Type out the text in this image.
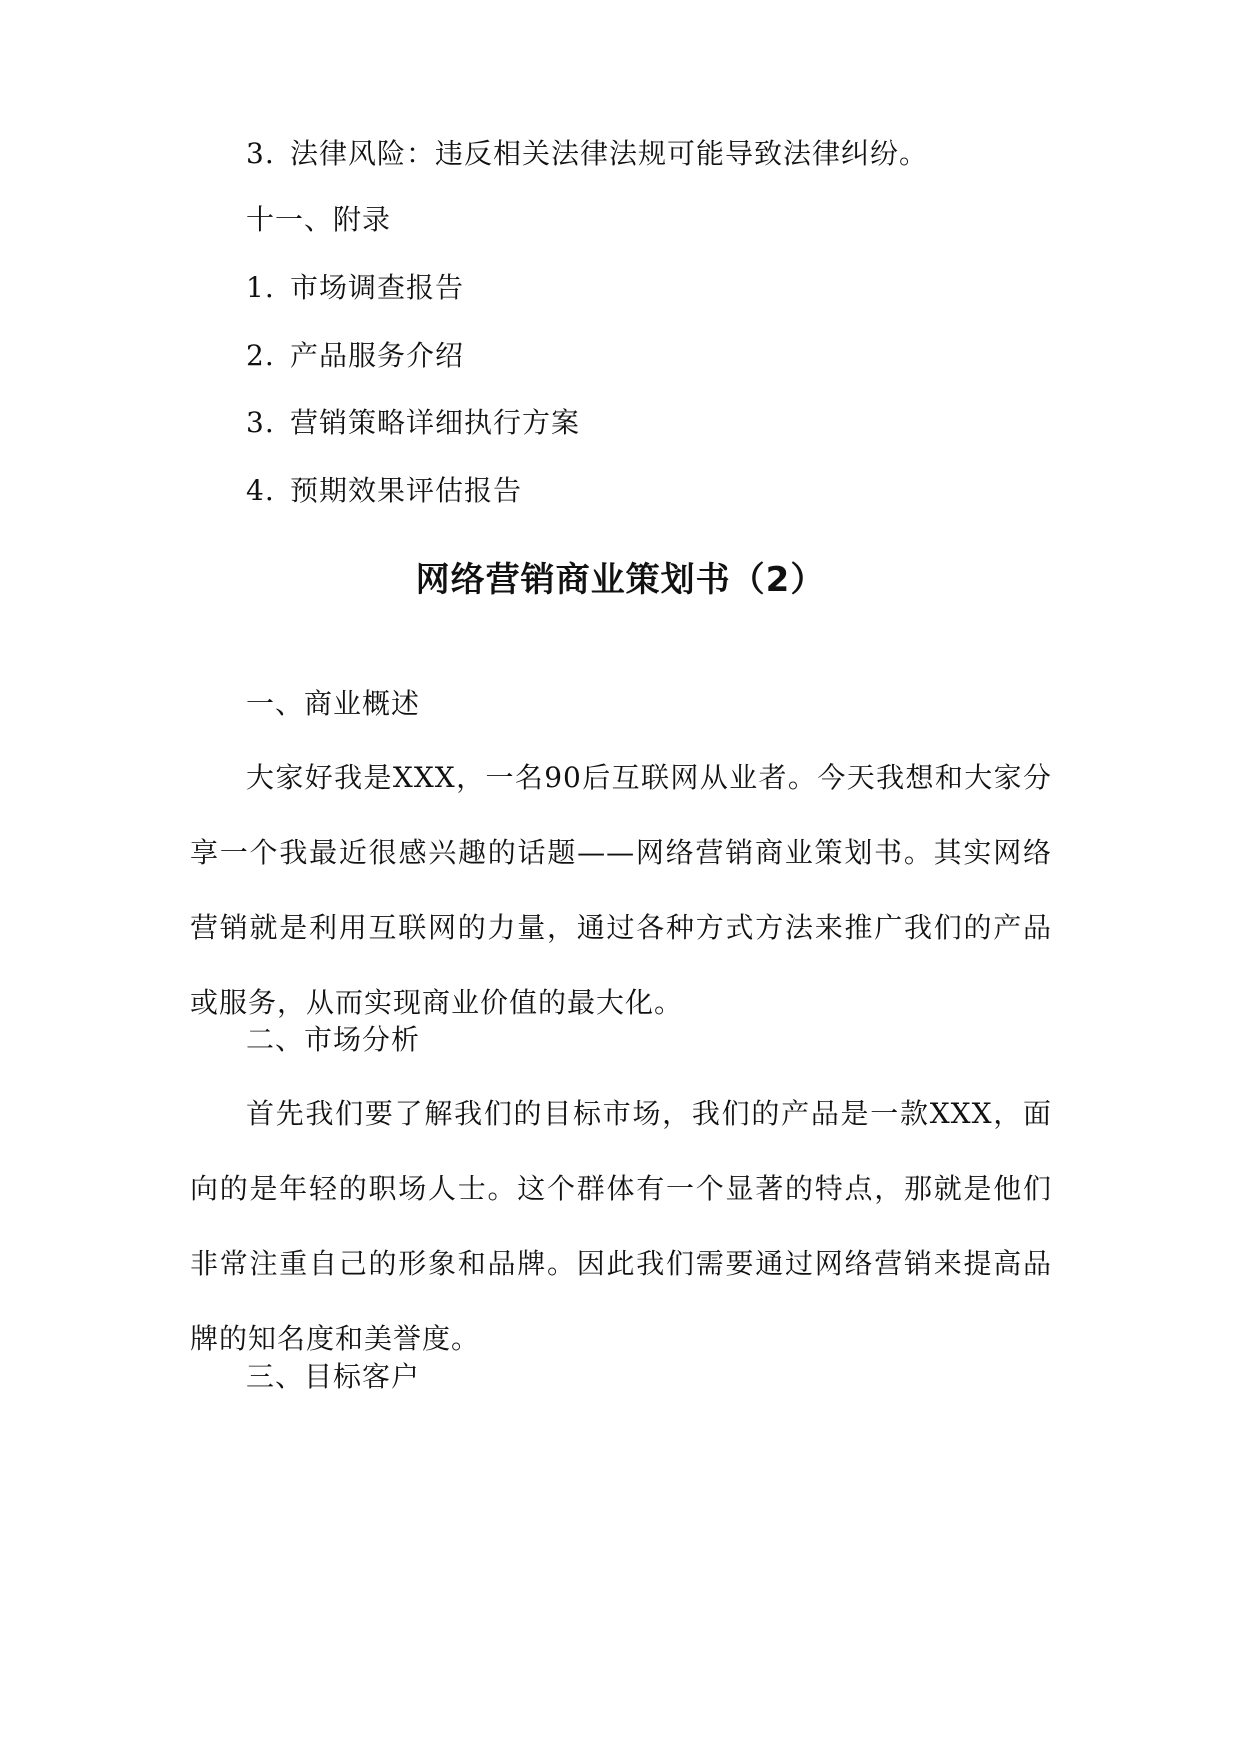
3. 法律风险：违反相关法律法规可能导致法律纠纷。
十一、附录
1. 市场调查报告
2. 产品服务介绍
3. 营销策略详细执行方案
4. 预期效果评估报告
网络营销商业策划书（2）
一、商业概述
大家好我是XXX，一名90后互联网从业者。今天我想和大家分享一个我最近很感兴趣的话题——网络营销商业策划书。其实网络营销就是利用互联网的力量，通过各种方式方法来推广我们的产品或服务，从而实现商业价值的最大化。
二、市场分析
首先我们要了解我们的目标市场，我们的产品是一款XXX，面向的是年轻的职场人士。这个群体有一个显著的特点，那就是他们非常注重自己的形象和品牌。因此我们需要通过网络营销来提高品牌的知名度和美誉度。
三、目标客户
